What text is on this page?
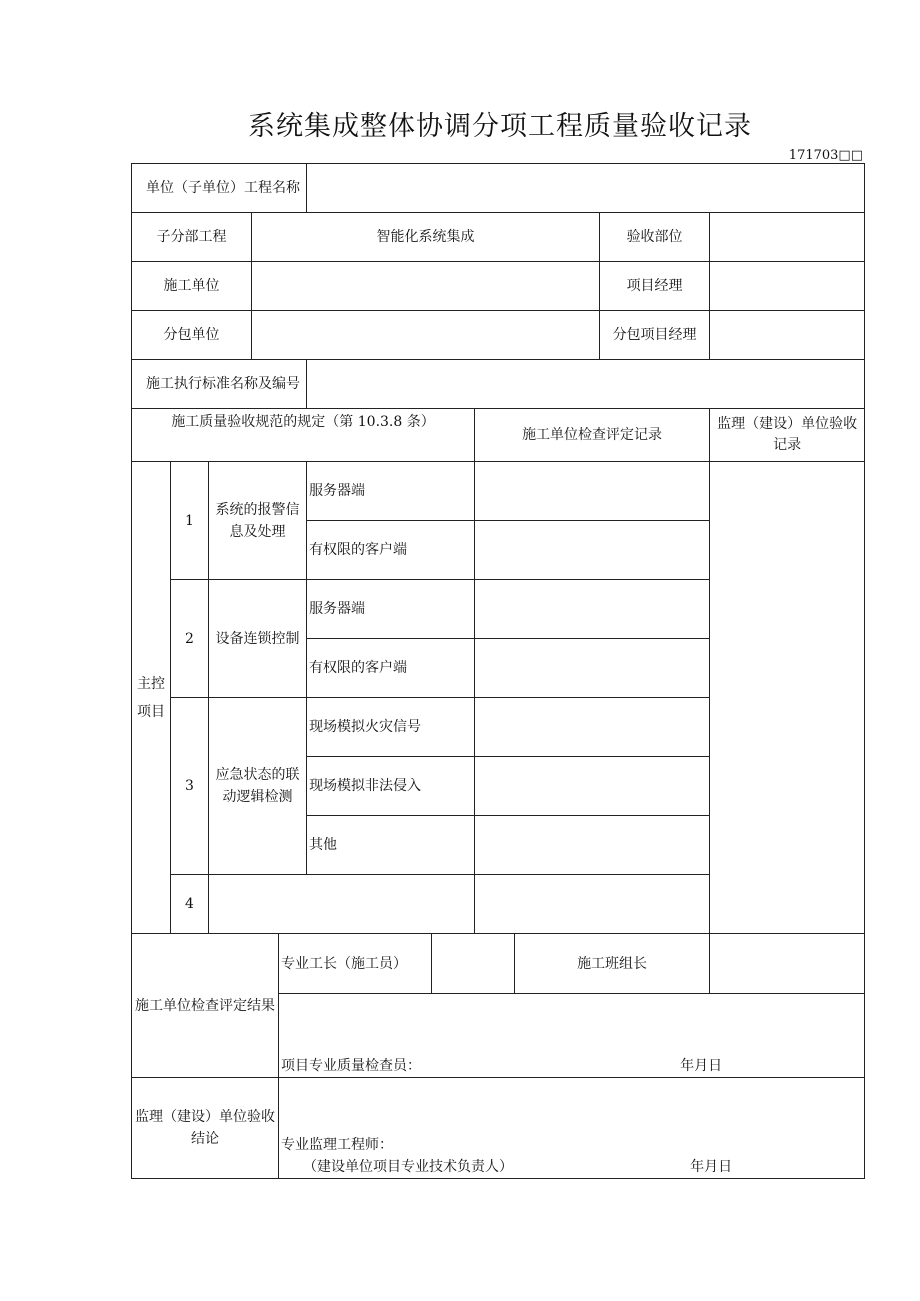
系统集成整体协调分项工程质量验收记录
171703□□
单位（子单位）工程名称										
子分部工程			智能化系统集成						验收部位	
施工单位									项目经理	
分包单位									分包项目经理	
施工执行标准名称及编号										
施工质量验收规范的规定（第 10.3.8 条）							施工单位检查评定记录			监理（建设）单位验收记录
主控
项目	1	系统的报警信息及处理			服务器端					
					有权限的客户端					
	2	设备连锁控制			服务器端					
					有权限的客户端					
	3	应急状态的联动逻辑检测			现场模拟火灾信号					
					现场模拟非法侵入					
					其他					
	4									
施工单位检查评定结果				专业工长（施工员）				施工班组长		

				项目专业质量检查员： 年月日						

监理（建设）单位验收结论				专业监理工程师：
（建设单位项目专业技术负责人） 年月日						
